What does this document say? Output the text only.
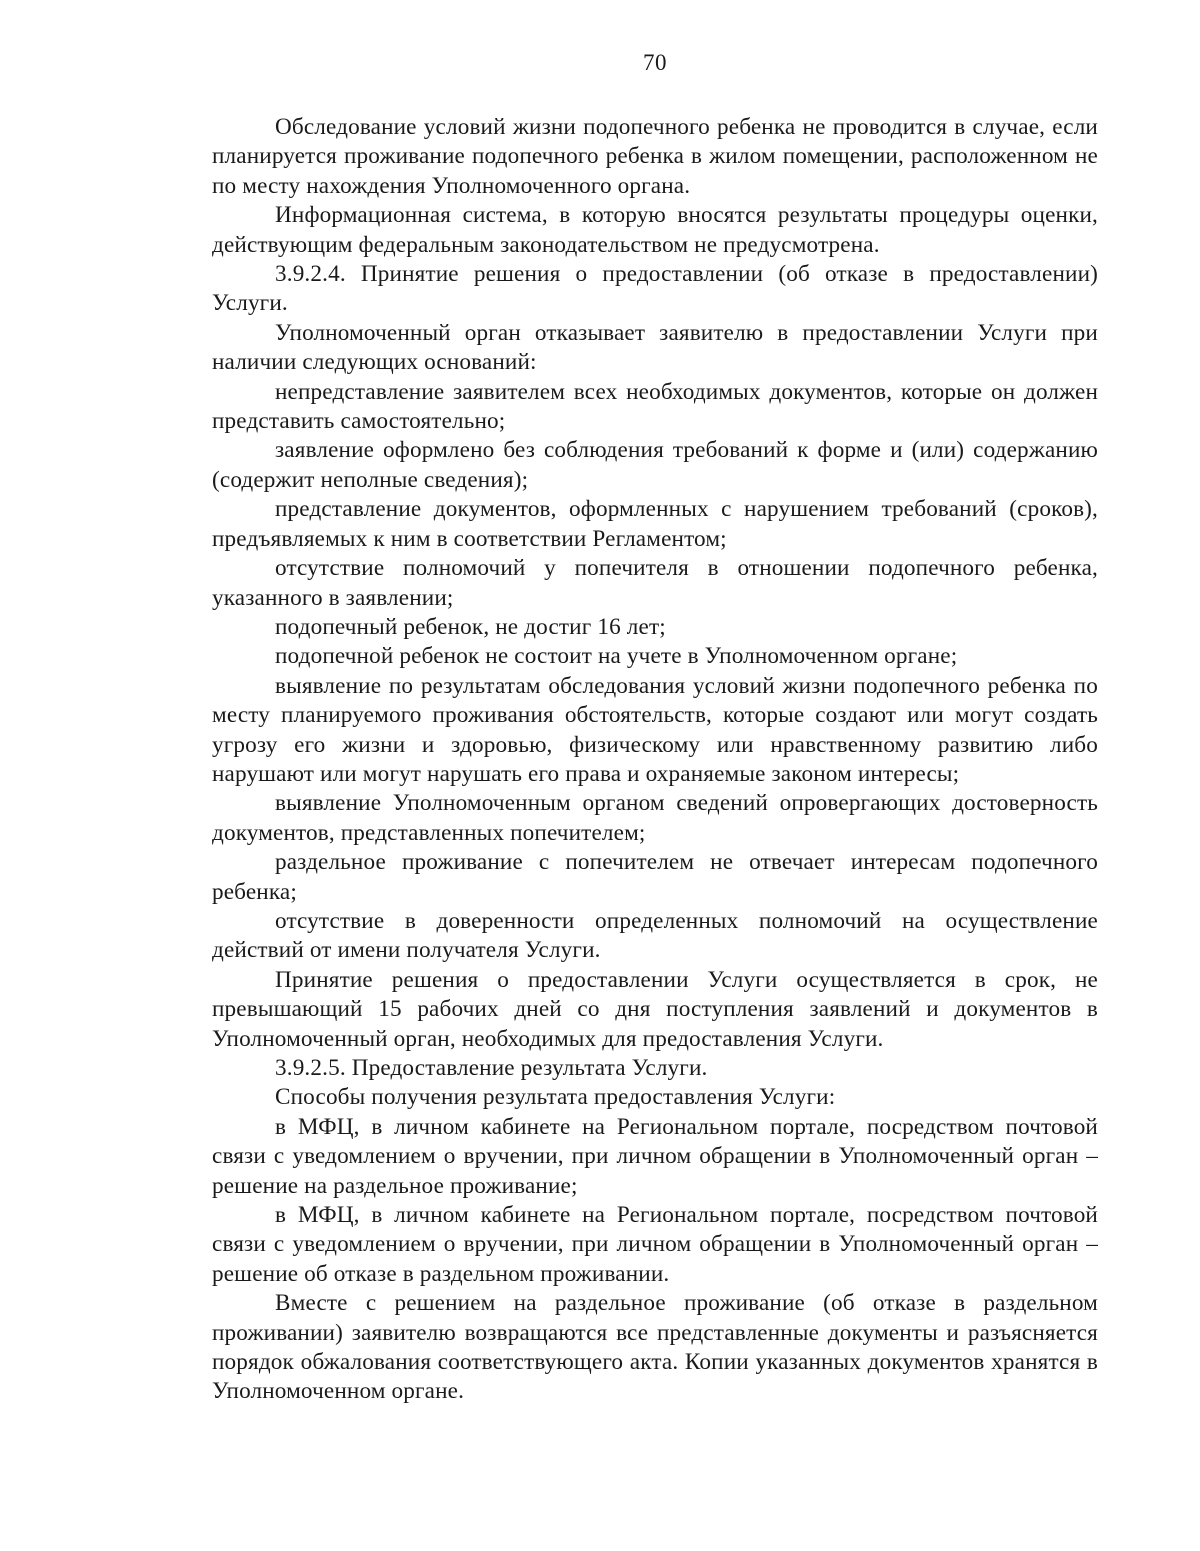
70

Обследование условий жизни подопечного ребенка не проводится в случае, если планируется проживание подопечного ребенка в жилом помещении, расположенном не по месту нахождения Уполномоченного органа.

Информационная система, в которую вносятся результаты процедуры оценки, действующим федеральным законодательством не предусмотрена.

3.9.2.4. Принятие решения о предоставлении (об отказе в предоставлении) Услуги.

Уполномоченный орган отказывает заявителю в предоставлении Услуги при наличии следующих оснований:

непредставление заявителем всех необходимых документов, которые он должен представить самостоятельно;

заявление оформлено без соблюдения требований к форме и (или) содержанию (содержит неполные сведения);

представление документов, оформленных с нарушением требований (сроков), предъявляемых к ним в соответствии Регламентом;

отсутствие полномочий у попечителя в отношении подопечного ребенка, указанного в заявлении;

подопечный ребенок, не достиг 16 лет;

подопечной ребенок не состоит на учете в Уполномоченном органе;

выявление по результатам обследования условий жизни подопечного ребенка по месту планируемого проживания обстоятельств, которые создают или могут создать угрозу его жизни и здоровью, физическому или нравственному развитию либо нарушают или могут нарушать его права и охраняемые законом интересы;

выявление Уполномоченным органом сведений опровергающих достоверность документов, представленных попечителем;

раздельное проживание с попечителем не отвечает интересам подопечного ребенка;

отсутствие в доверенности определенных полномочий на осуществление действий от имени получателя Услуги.

Принятие решения о предоставлении Услуги осуществляется в срок, не превышающий 15 рабочих дней со дня поступления заявлений и документов в Уполномоченный орган, необходимых для предоставления Услуги.

3.9.2.5. Предоставление результата Услуги.

Способы получения результата предоставления Услуги:

в МФЦ, в личном кабинете на Региональном портале, посредством почтовой связи с уведомлением о вручении, при личном обращении в Уполномоченный орган – решение на раздельное проживание;

в МФЦ, в личном кабинете на Региональном портале, посредством почтовой связи с уведомлением о вручении, при личном обращении в Уполномоченный орган – решение об отказе в раздельном проживании.

Вместе с решением на раздельное проживание (об отказе в раздельном проживании) заявителю возвращаются все представленные документы и разъясняется порядок обжалования соответствующего акта. Копии указанных документов хранятся в Уполномоченном органе.
